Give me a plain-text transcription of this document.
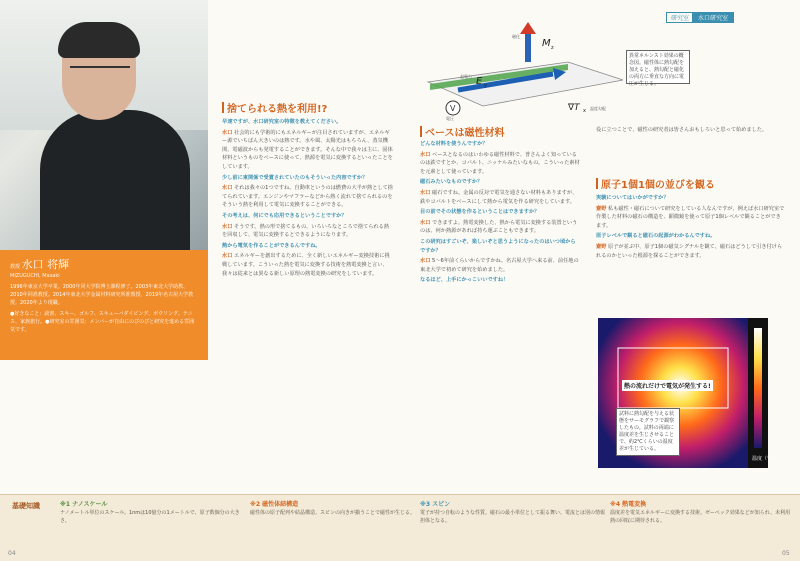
教授 水口 将輝
MIZUGUCHI, Masaki

1996年東京大学卒業。2000年同大学院博士課程修了。2003年東北大学助教、2010年同准教授。2014年東北大学金属材料研究所准教授、2019年名古屋大学教授。2020年より現職。

●好きなこと：読書、スキー、ゴルフ、スキューバダイビング、ボウリング、テニス、家族旅行。●研究室の雰囲気：メンバーが自由にのびのびと研究を進める雰囲気です。

捨てられる熱を利用!?

早速ですが、水口研究室の特徴を教えてください。

水口 社会的にも学術的にもエネルギーが注目されていますが、エネルギー源でいちばん大きいのは熱です。水や風、太陽光はもちろん、蒸気機関、電磁波からも発電することができます。そんな中で我々は主に、固体材料というものをベースに使って、熱源を電気に変換するといったことをしています。

少し前に東関係で受賞されていたのもそういった内容ですか？

水口 それは我々の1つですね。自動車というのは燃費の大半が熱として捨てられています。エンジンやマフラーなどから熱く流れて捨てられるのをそういう熱を利用して電気に変換することができる。

その考えは、何にでも応用できるということですか？

水口 そうです。熱の形で捨てるもの、いろいろなところで捨てられる熱を回収して、電気に変換するとできるようになります。

熱から電気を作ることができるんですね。

水口 エネルギーを創出するために、全く新しいエネルギー変換技術に挑戦しています。こういった熱を電気に変換する技術を熱電変換と言い、我々は従来とは異なる新しい原理の熱電変換の研究をしています。

研究室	水口研究室
V
電圧
M z
磁化
E y
起電力
∇T x 温度勾配
異常ネルンスト効果の概念図。磁性体に熱勾配を加えると、熱勾配と磁化の両方に垂直な方向に電圧が生じる。
ベースは磁性材料

どんな材料を使うんですか？

水口 ベースとなるのはいわゆる磁性材料で、普さんよく知っているのは鉄ですとか、コバルト、ニッケルみたいなもの。こういった素材を元素として使っています。

磁石みたいなものですか？

水口 磁石ですね。金属の反対で電気を通さない材料もありますが、鉄やコバルトをベースにして熱から電気を作る研究をしています。

目の前でその状態を作るということはできますか？

水口 できますよ。熱電変換した、熱から電気に変換する装置というのは、何か熱源があれば持ち運ぶこともできます。

この研究はすごいぞ、楽しいぞと思うようになったのはいつ頃からですか？

水口 5〜6年前くらいからですかね。名古屋大学へ来る前、前任地の東北大学で初めて研究を始めました。

なるほど、上手にかっこいいですね！

役に立つことで、磁性の研究者は皆さんおもしろいと思って始めました。
原子1個1個の並びを観る

実験についてはいかがですか？

齋野 私も磁性・磁石について研究をしている人なんですが、例えば水口研究室で作製した材料の磁石の構造を、顕微鏡を使って原子1個レベルで観ることができます。

原子レベルで観ると磁石の起源がわかるんですね。

齋野 原子が並ぶ中、原子1個の磁気シグナルを観て、磁石はどうして引き付けられるのかといった根源を探ることができます。

温度（℃）
熱の流れだけで電気が発生する!
試料に熱勾配を与える状態をサーモグラフで観察したもの。試料の両端に温度差を生じさせることで、約2℃くらいの温度差が生じている。
基礎知識	※1 ナノスケール
ナノメートル単位のスケール。1nmは10億分の1メートルで、原子数個分の大きさ。
※2 磁性体結構造
磁性体の原子配列や結晶構造。スピンの向きが揃うことで磁性が生じる。
※3 スピン
電子が持つ自転のような性質。磁石の最小単位として振る舞い、電流とは別の情報担体となる。
※4 熱電変換
温度差を電気エネルギーに変換する技術。ゼーベック効果などが知られ、未利用熱の回収に期待される。
04	05
